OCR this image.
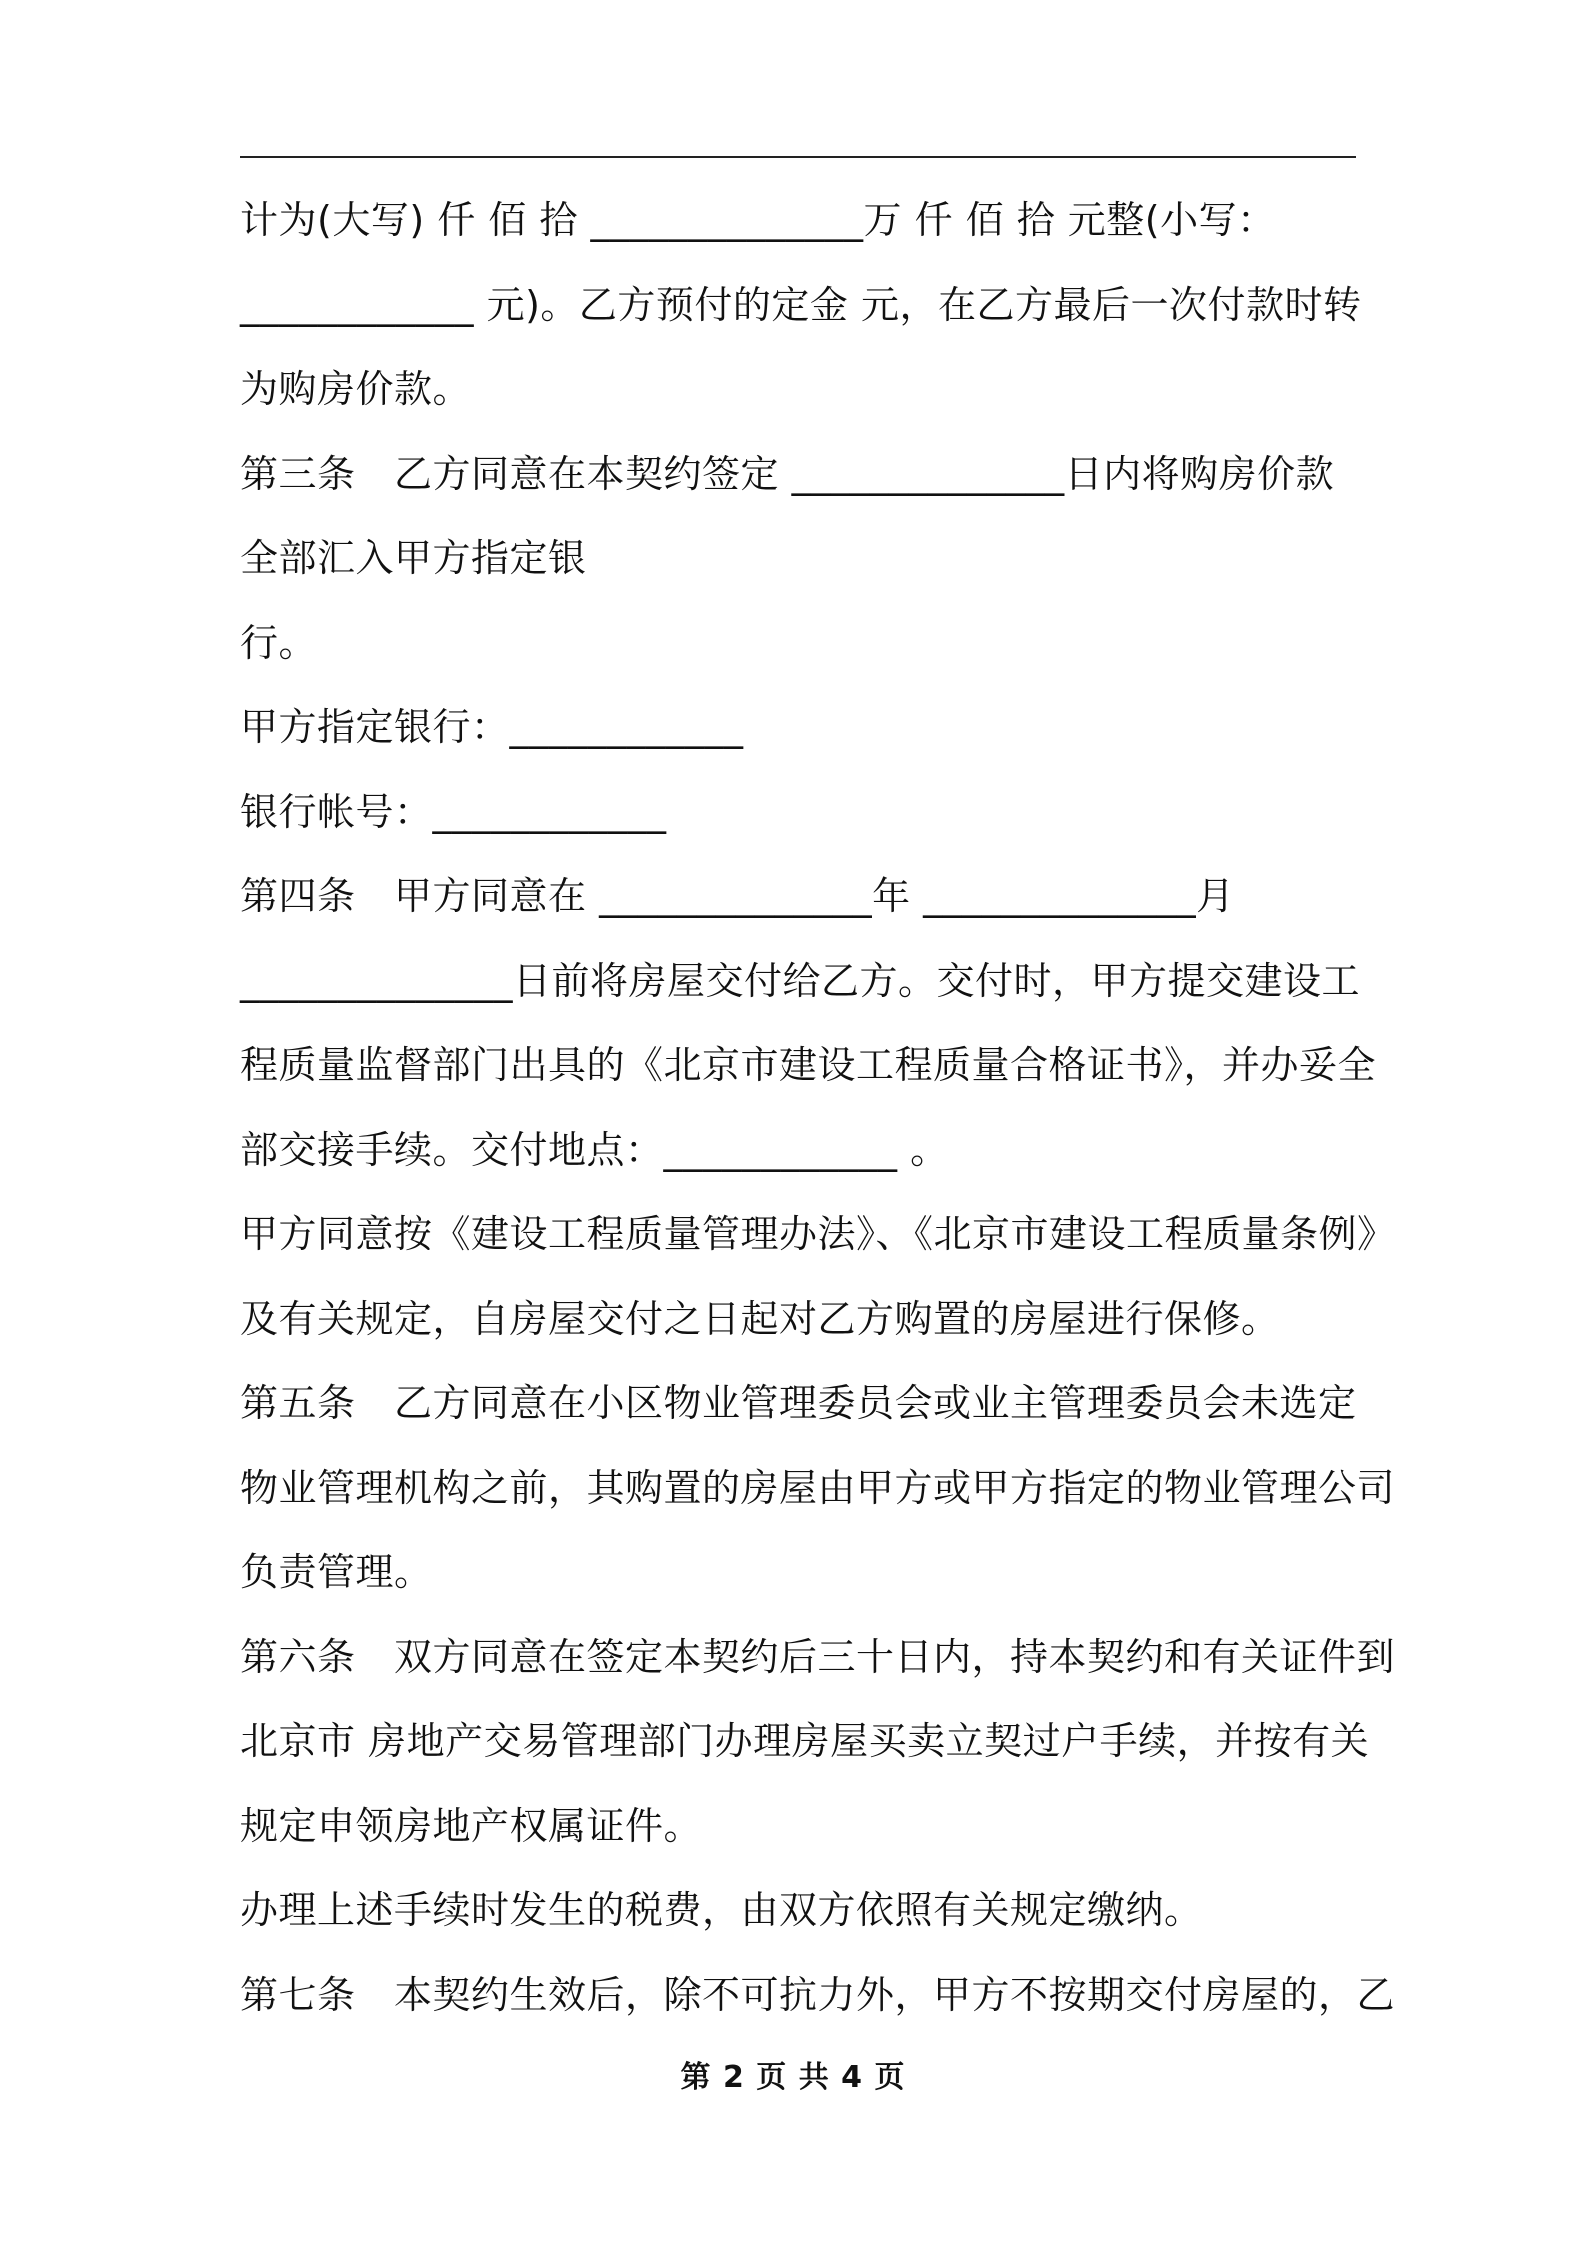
计为(大写) 仟 佰 拾 ______________万 仟 佰 拾 元整(小写：
____________ 元)。乙方预付的定金 元，在乙方最后一次付款时转
为购房价款。
第三条　乙方同意在本契约签定 ______________日内将购房价款
全部汇入甲方指定银
行。
甲方指定银行：____________
银行帐号：____________
第四条　甲方同意在 ______________年 ______________月
______________日前将房屋交付给乙方。交付时，甲方提交建设工
程质量监督部门出具的《北京市建设工程质量合格证书》，并办妥全
部交接手续。交付地点：____________ 。
甲方同意按《建设工程质量管理办法》、《北京市建设工程质量条例》
及有关规定，自房屋交付之日起对乙方购置的房屋进行保修。
第五条　乙方同意在小区物业管理委员会或业主管理委员会未选定
物业管理机构之前，其购置的房屋由甲方或甲方指定的物业管理公司
负责管理。
第六条　双方同意在签定本契约后三十日内，持本契约和有关证件到
北京市 房地产交易管理部门办理房屋买卖立契过户手续，并按有关
规定申领房地产权属证件。
办理上述手续时发生的税费，由双方依照有关规定缴纳。
第七条　本契约生效后，除不可抗力外，甲方不按期交付房屋的，乙
第 2 页 共 4 页
